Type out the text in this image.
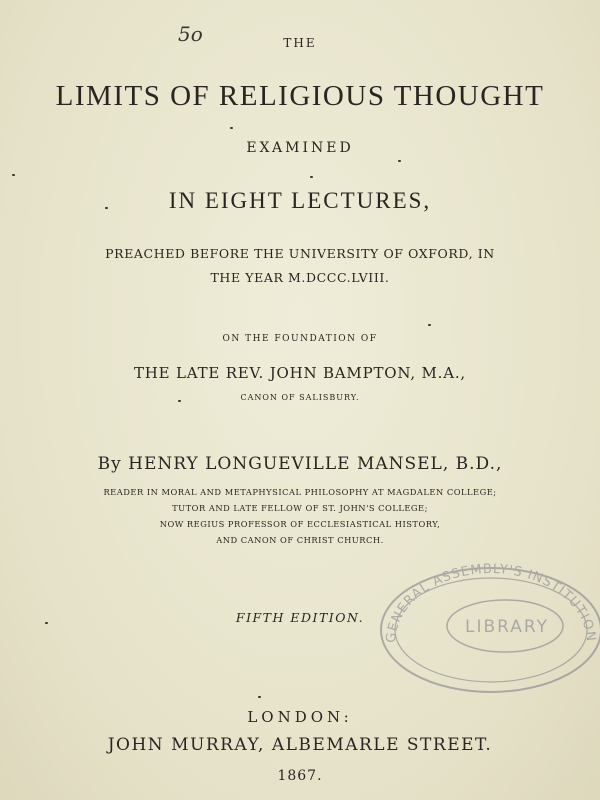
5o	THE
LIMITS OF RELIGIOUS THOUGHT
EXAMINED
IN EIGHT LECTURES,
PREACHED BEFORE THE UNIVERSITY OF OXFORD, IN
THE YEAR M.DCCC.LVIII.
ON THE FOUNDATION OF
THE LATE REV. JOHN BAMPTON, M.A.,
CANON OF SALISBURY.
By HENRY LONGUEVILLE MANSEL, B.D.,
READER IN MORAL AND METAPHYSICAL PHILOSOPHY AT MAGDALEN COLLEGE;
TUTOR AND LATE FELLOW OF ST. JOHN'S COLLEGE;
NOW REGIUS PROFESSOR OF ECCLESIASTICAL HISTORY,
AND CANON OF CHRIST CHURCH.
FIFTH EDITION.
GENERAL ASSEMBLY'S INSTITUTION
LIBRARY
LONDON:
JOHN MURRAY, ALBEMARLE STREET.
1867.
